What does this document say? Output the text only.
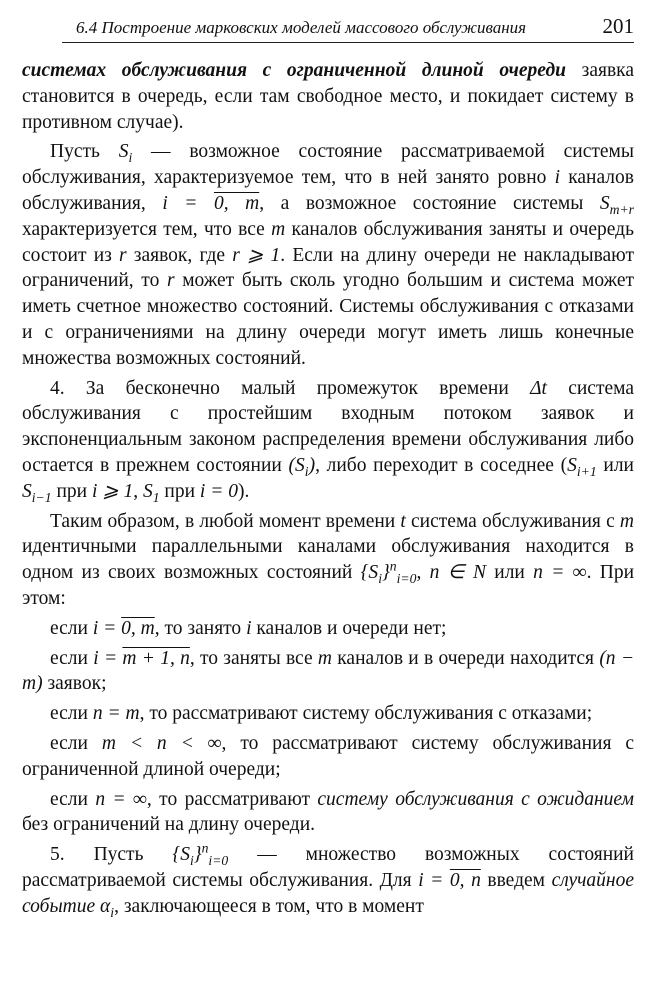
6.4 Построение марковских моделей массового обслуживания	201

системах обслуживания с ограниченной длиной очереди заявка становится в очередь, если там свободное место, и покидает систему в противном случае).

Пусть $S_i$ — возможное состояние рассматриваемой системы обслуживания, характеризуемое тем, что в ней занято ровно i каналов обслуживания, i = 0, m, а возможное состояние системы $S_{m+r}$ характеризуется тем, что все m каналов обслуживания заняты и очередь состоит из r заявок, где r ⩾ 1. Если на длину очереди не накладывают ограничений, то r может быть сколь угодно большим и система может иметь счетное множество состояний. Системы обслуживания с отказами и с ограничениями на длину очереди могут иметь лишь конечные множества возможных состояний.

4. За бесконечно малый промежуток времени Δt система обслуживания с простейшим входным потоком заявок и экспоненциальным законом распределения времени обслуживания либо остается в прежнем состоянии $(S_i)$, либо переходит в соседнее ($S_{i+1}$ или $S_{i-1}$ при i ⩾ 1, $S_1$ при i = 0).

Таким образом, в любой момент времени t система обслуживания с m идентичными параллельными каналами обслуживания находится в одном из своих возможных состояний $\{S_i\}^n_{i=0}$, n ∈ N или n = ∞. При этом:

если i = 0, m, то занято i каналов и очереди нет;

если i = m + 1, n, то заняты все m каналов и в очереди находится (n − m) заявок;

если n = m, то рассматривают систему обслуживания с отказами;

если m < n < ∞, то рассматривают систему обслуживания с ограниченной длиной очереди;

если n = ∞, то рассматривают систему обслуживания с ожиданием без ограничений на длину очереди.

5. Пусть $\{S_i\}^n_{i=0}$ — множество возможных состояний рассматриваемой системы обслуживания. Для i = 0, n введем случайное событие $\alpha_i$, заключающееся в том, что в момент
